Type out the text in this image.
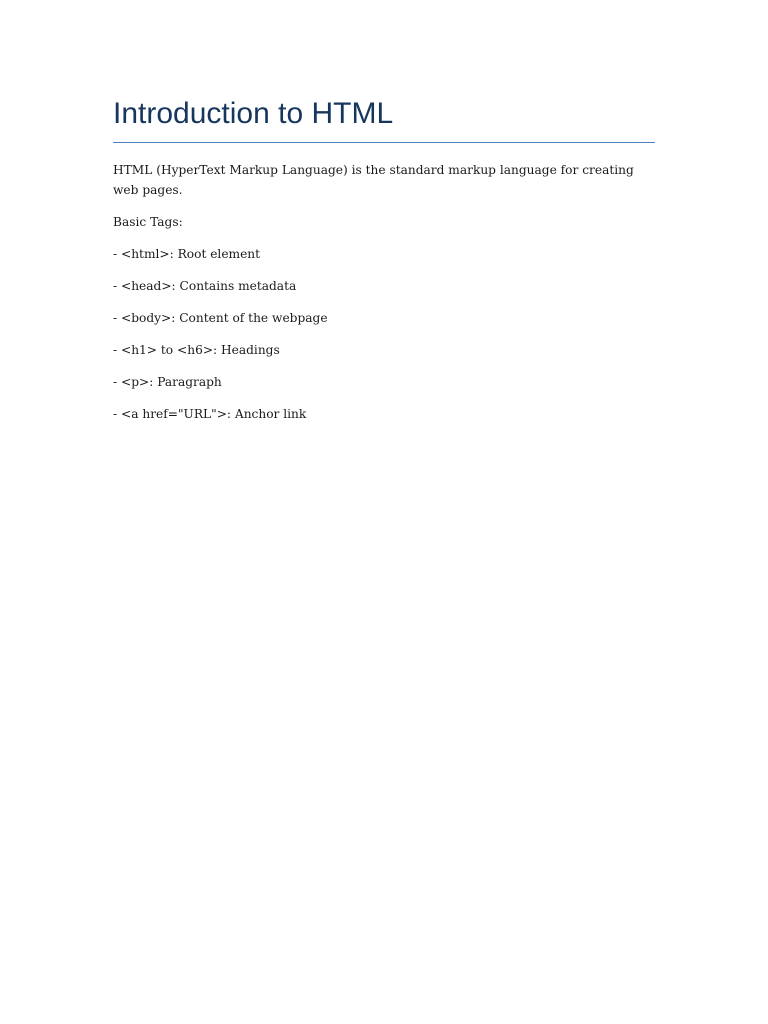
Introduction to HTML

HTML (HyperText Markup Language) is the standard markup language for creating web pages.

Basic Tags:

- <html>: Root element

- <head>: Contains metadata

- <body>: Content of the webpage

- <h1> to <h6>: Headings

- <p>: Paragraph

- <a href="URL">: Anchor link
